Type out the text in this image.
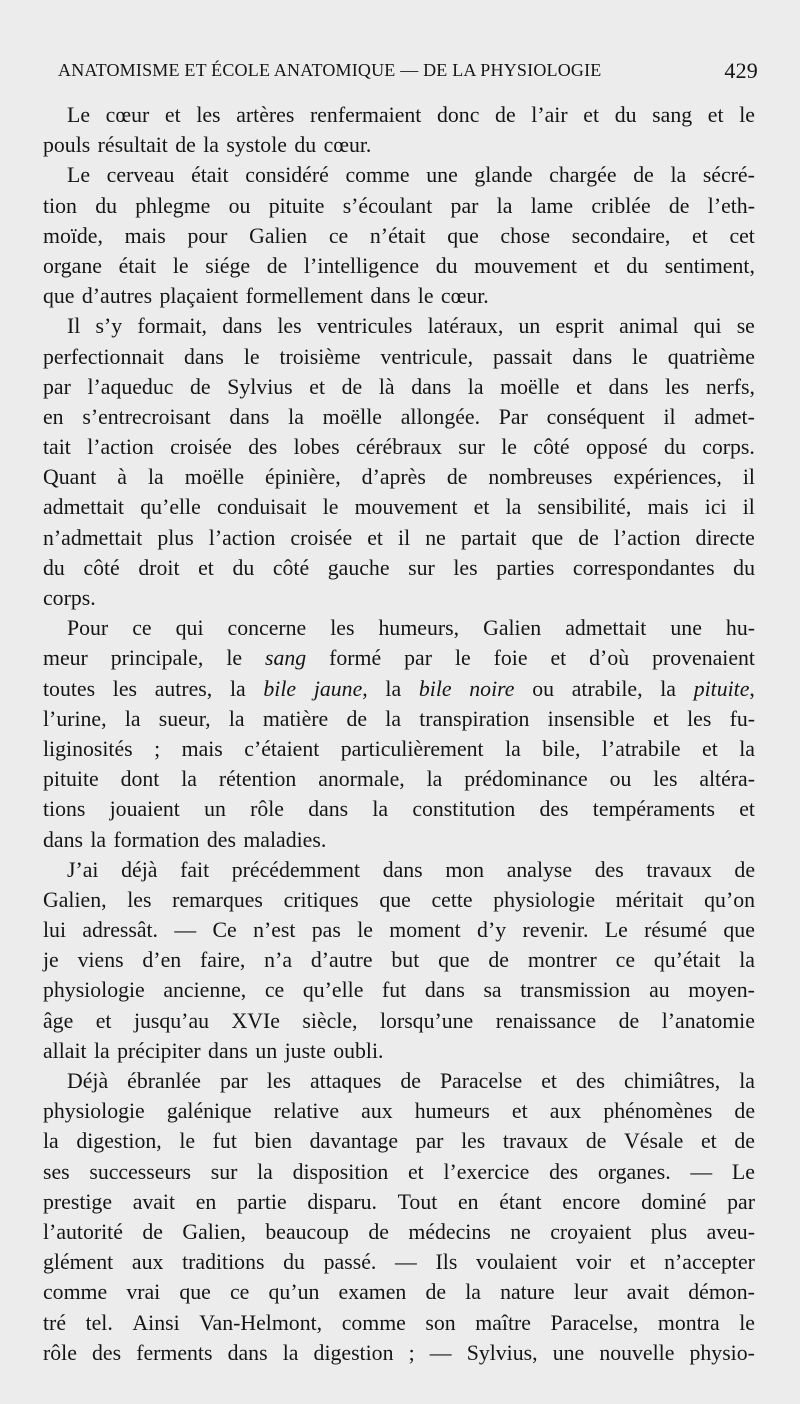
ANATOMISME ET ÉCOLE ANATOMIQUE — DE LA PHYSIOLOGIE	429
Le cœur et les artères renfermaient donc de l’air et du sang et le
pouls résultait de la systole du cœur.
Le cerveau était considéré comme une glande chargée de la sécré-
tion du phlegme ou pituite s’écoulant par la lame criblée de l’eth-
moïde, mais pour Galien ce n’était que chose secondaire, et cet
organe était le siége de l’intelligence du mouvement et du sentiment,
que d’autres plaçaient formellement dans le cœur.
Il s’y formait, dans les ventricules latéraux, un esprit animal qui se
perfectionnait dans le troisième ventricule, passait dans le quatrième
par l’aqueduc de Sylvius et de là dans la moëlle et dans les nerfs,
en s’entrecroisant dans la moëlle allongée. Par conséquent il admet-
tait l’action croisée des lobes cérébraux sur le côté opposé du corps.
Quant à la moëlle épinière, d’après de nombreuses expériences, il
admettait qu’elle conduisait le mouvement et la sensibilité, mais ici il
n’admettait plus l’action croisée et il ne partait que de l’action directe
du côté droit et du côté gauche sur les parties correspondantes du
corps.
Pour ce qui concerne les humeurs, Galien admettait une hu-
meur principale, le sang formé par le foie et d’où provenaient
toutes les autres, la bile jaune, la bile noire ou atrabile, la pituite,
l’urine, la sueur, la matière de la transpiration insensible et les fu-
liginosités ; mais c’étaient particulièrement la bile, l’atrabile et la
pituite dont la rétention anormale, la prédominance ou les altéra-
tions jouaient un rôle dans la constitution des tempéraments et
dans la formation des maladies.
J’ai déjà fait précédemment dans mon analyse des travaux de
Galien, les remarques critiques que cette physiologie méritait qu’on
lui adressât. — Ce n’est pas le moment d’y revenir. Le résumé que
je viens d’en faire, n’a d’autre but que de montrer ce qu’était la
physiologie ancienne, ce qu’elle fut dans sa transmission au moyen-
âge et jusqu’au XVIe siècle, lorsqu’une renaissance de l’anatomie
allait la précipiter dans un juste oubli.
Déjà ébranlée par les attaques de Paracelse et des chimiâtres, la
physiologie galénique relative aux humeurs et aux phénomènes de
la digestion, le fut bien davantage par les travaux de Vésale et de
ses successeurs sur la disposition et l’exercice des organes. — Le
prestige avait en partie disparu. Tout en étant encore dominé par
l’autorité de Galien, beaucoup de médecins ne croyaient plus aveu-
glément aux traditions du passé. — Ils voulaient voir et n’accepter
comme vrai que ce qu’un examen de la nature leur avait démon-
tré tel. Ainsi Van-Helmont, comme son maître Paracelse, montra le
rôle des ferments dans la digestion ; — Sylvius, une nouvelle physio-
